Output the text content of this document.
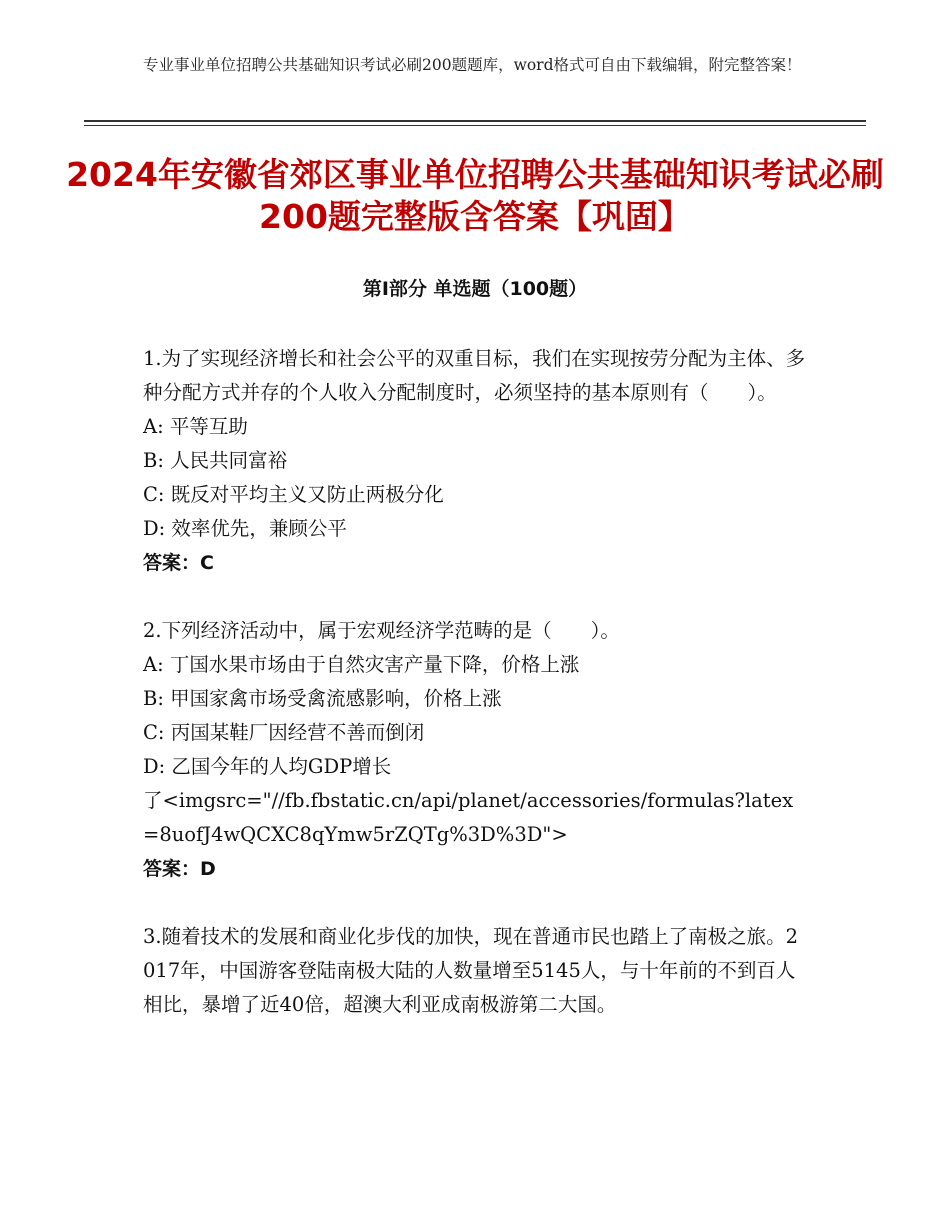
专业事业单位招聘公共基础知识考试必刷200题题库，word格式可自由下载编辑，附完整答案！
2024年安徽省郊区事业单位招聘公共基础知识考试必刷200题完整版含答案【巩固】
第Ⅰ部分 单选题（100题）

1.为了实现经济增长和社会公平的双重目标，我们在实现按劳分配为主体、多种分配方式并存的个人收入分配制度时，必须坚持的基本原则有（　　）。

A: 平等互助

B: 人民共同富裕

C: 既反对平均主义又防止两极分化

D: 效率优先，兼顾公平

答案：C

2.下列经济活动中，属于宏观经济学范畴的是（　　）。

A: 丁国水果市场由于自然灾害产量下降，价格上涨

B: 甲国家禽市场受禽流感影响，价格上涨

C: 丙国某鞋厂因经营不善而倒闭

D: 乙国今年的人均GDP增长

了<imgsrc="//fb.fbstatic.cn/api/planet/accessories/formulas?latex=8uofJ4wQCXC8qYmw5rZQTg%3D%3D">

答案：D

3.随着技术的发展和商业化步伐的加快，现在普通市民也踏上了南极之旅。2017年，中国游客登陆南极大陆的人数量增至5145人，与十年前的不到百人相比，暴增了近40倍，超澳大利亚成南极游第二大国。
